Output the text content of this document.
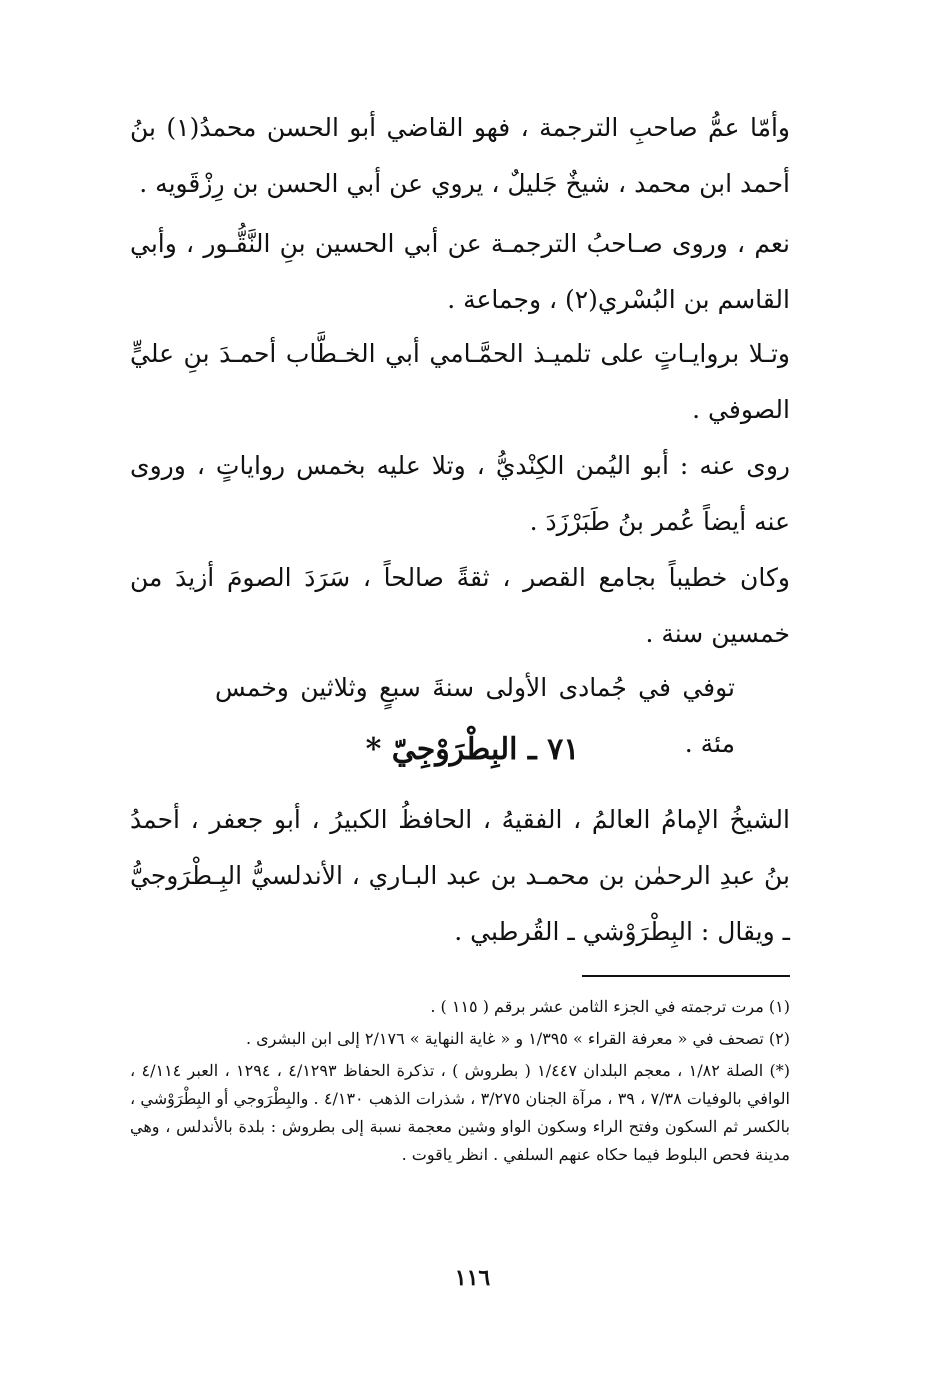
وأمّا عمُّ صاحبِ الترجمة ، فهو القاضي أبو الحسن محمدُ(١) بنُ أحمد ابن محمد ، شيخٌ جَليلٌ ، يروي عن أبي الحسن بن رِزْقَويه .

نعم ، وروى صـاحبُ الترجمـة عن أبي الحسين بنِ النَّقُّـور ، وأبي القاسم بن البُسْري(٢) ، وجماعة .

وتـلا بروايـاتٍ على تلميـذ الحمَّـامي أبي الخـطَّاب أحمـدَ بنِ عليٍّ الصوفي .

روى عنه : أبو اليُمن الكِنْديُّ ، وتلا عليه بخمس رواياتٍ ، وروى عنه أيضاً عُمر بنُ طَبَرْزَدَ .

وكان خطيباً بجامع القصر ، ثقةً صالحاً ، سَرَدَ الصومَ أزيدَ من خمسين سنة .

توفي في جُمادى الأولى سنةَ سبعٍ وثلاثين وخمس مئة .

٧١ ـ البِطْرَوْجِيّ *

الشيخُ الإمامُ العالمُ ، الفقيهُ ، الحافظُ الكبيرُ ، أبو جعفر ، أحمدُ بنُ عبدِ الرحمٰن بن محمـد بن عبد البـاري ، الأندلسيُّ البِـطْرَوجيُّ ـ ويقال : البِطْرَوْشي ـ القُرطبي .

(١) مرت ترجمته في الجزء الثامن عشر برقم ( ١١٥ ) .

(٢) تصحف في « معرفة القراء » ١/٣٩٥ و « غاية النهاية » ٢/١٧٦ إلى ابن البشرى .

(*) الصلة ١/٨٢ ، معجم البلدان ١/٤٤٧ ( بطروش ) ، تذكرة الحفاظ ٤/١٢٩٣ ، ١٢٩٤ ، العبر ٤/١١٤ ، الوافي بالوفيات ٧/٣٨ ، ٣٩ ، مرآة الجنان ٣/٢٧٥ ، شذرات الذهب ٤/١٣٠ . والبِطْرَوجي أو البِطْرَوْشي ، بالكسر ثم السكون وفتح الراء وسكون الواو وشين معجمة نسبة إلى بطروش : بلدة بالأندلس ، وهي مدينة فحص البلوط فيما حكاه عنهم السلفي . انظر ياقوت .

١١٦
